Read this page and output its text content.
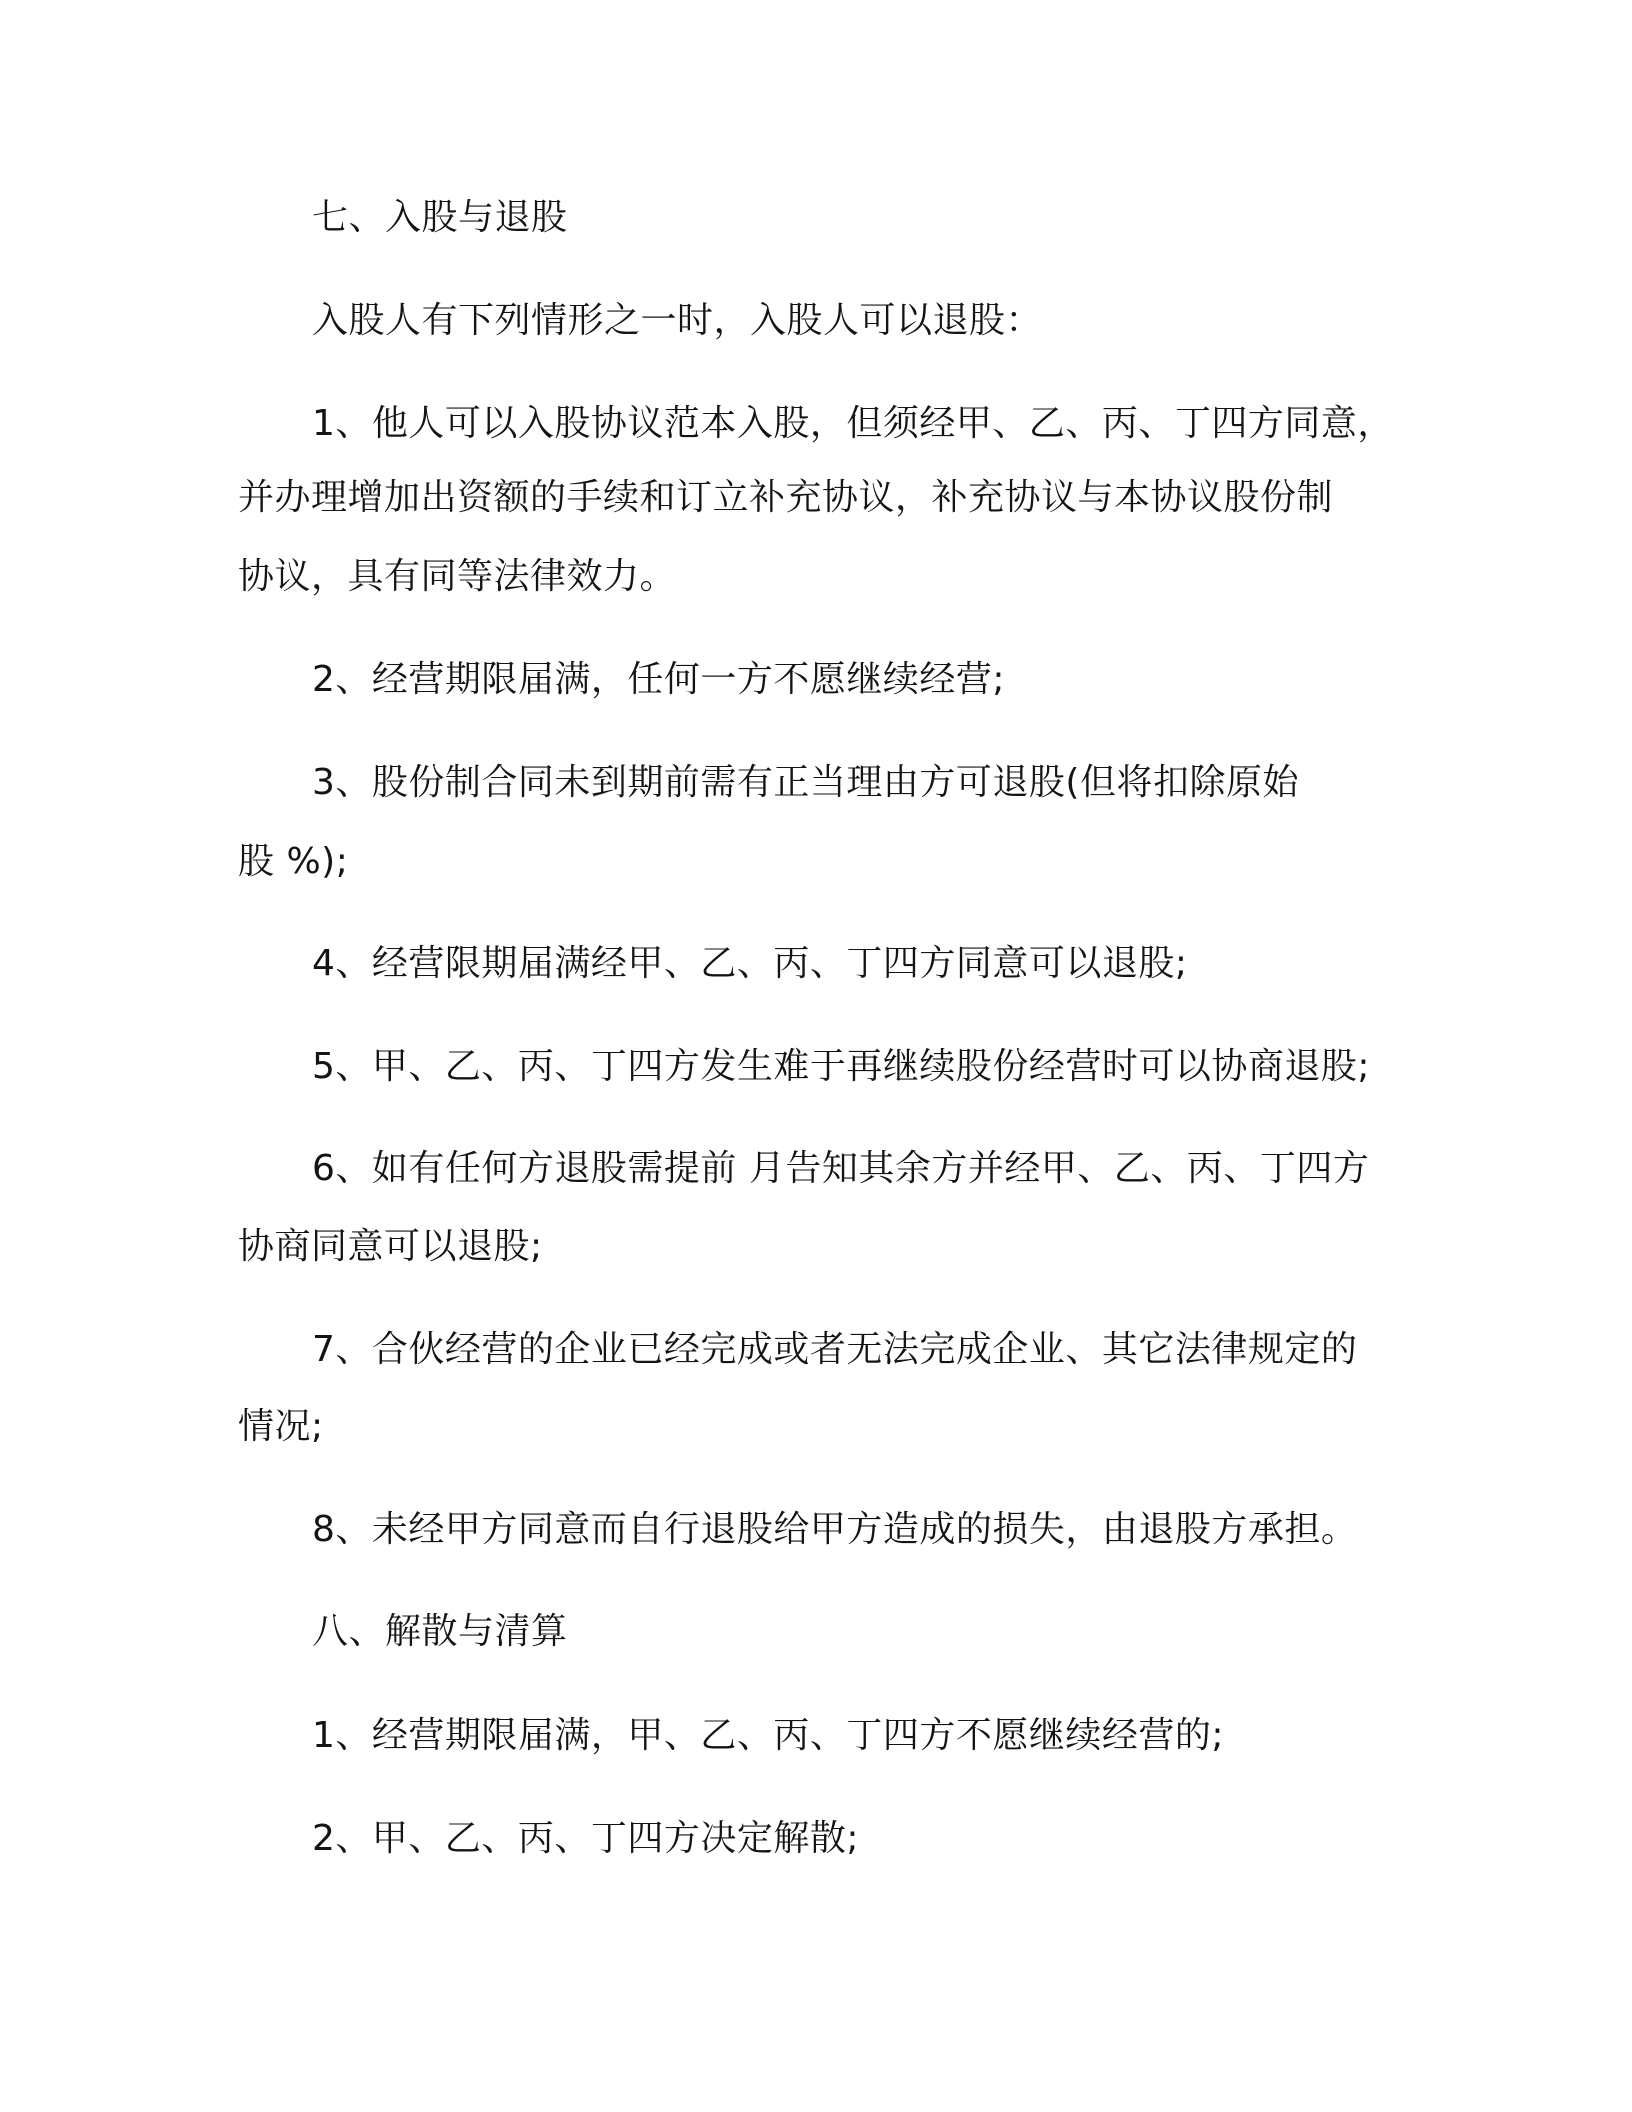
七、入股与退股
入股人有下列情形之一时，入股人可以退股：
1、他人可以入股协议范本入股，但须经甲、乙、丙、丁四方同意，
并办理增加出资额的手续和订立补充协议，补充协议与本协议股份制
协议，具有同等法律效力。
2、经营期限届满，任何一方不愿继续经营;
3、股份制合同未到期前需有正当理由方可退股(但将扣除原始
股 %);
4、经营限期届满经甲、乙、丙、丁四方同意可以退股;
5、甲、乙、丙、丁四方发生难于再继续股份经营时可以协商退股;
6、如有任何方退股需提前 月告知其余方并经甲、乙、丙、丁四方
协商同意可以退股;
7、合伙经营的企业已经完成或者无法完成企业、其它法律规定的
情况;
8、未经甲方同意而自行退股给甲方造成的损失，由退股方承担。
八、解散与清算
1、经营期限届满，甲、乙、丙、丁四方不愿继续经营的;
2、甲、乙、丙、丁四方决定解散;
